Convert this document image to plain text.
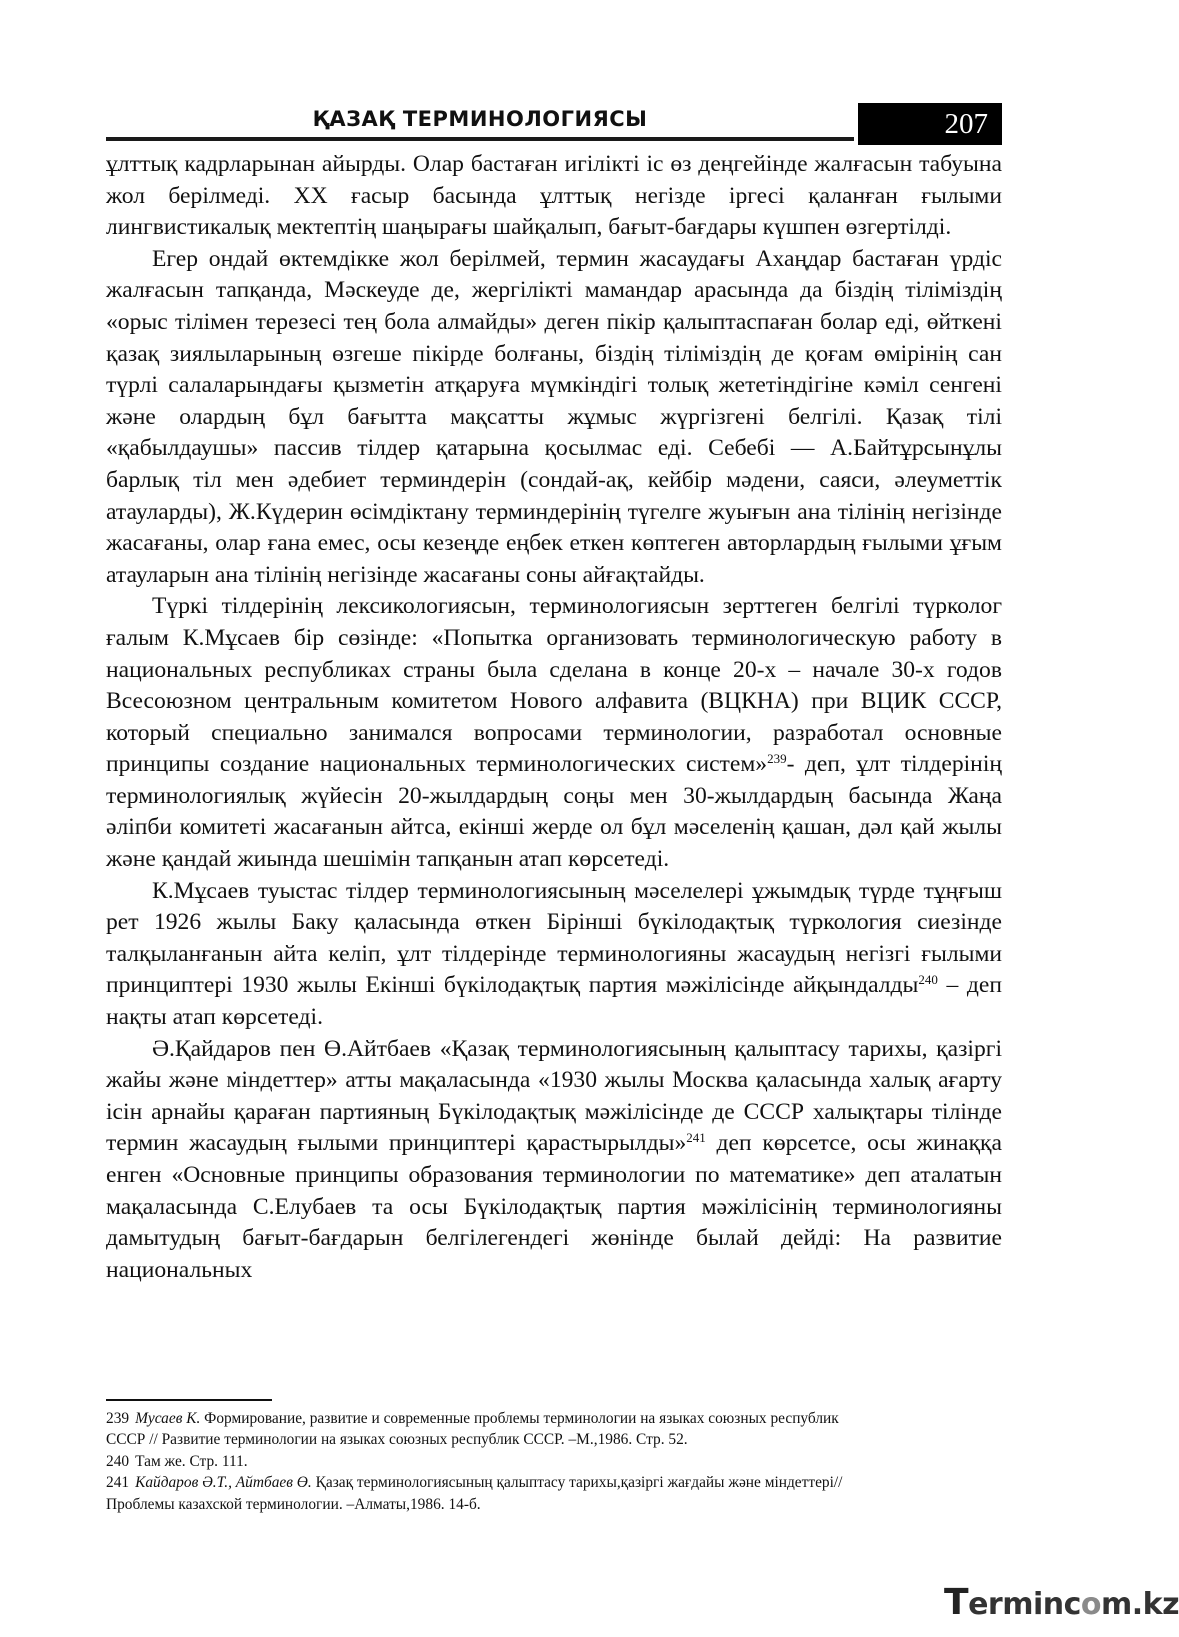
ҚАЗАҚ ТЕРМИНОЛОГИЯСЫ	207

ұлттық кадрларынан айырды. Олар бастаған игілікті іс өз деңгейінде жалғасын табуына жол берілмеді. XX ғасыр басында ұлттық негізде іргесі қаланған ғылыми лингвистикалық мектептің шаңырағы шайқалып, бағыт-бағдары күшпен өзгертілді.

Егер ондай өктемдікке жол берілмей, термин жасаудағы Ахаңдар бастаған үрдіс жалғасын тапқанда, Мәскеуде де, жергілікті мамандар арасында да біздің тіліміздің «орыс тілімен терезесі тең бола алмайды» деген пікір қалыптаспаған болар еді, өйткені қазақ зиялыларының өзгеше пікірде болғаны, біздің тіліміздің де қоғам өмірінің сан түрлі салаларындағы қызметін атқаруға мүмкіндігі толық жететіндігіне кәміл сенгені және олардың бұл бағытта мақсатты жұмыс жүргізгені белгілі. Қазақ тілі «қабылдаушы» пассив тілдер қатарына қосылмас еді. Себебі — А.Байтұрсынұлы барлық тіл мен әдебиет терминдерін (сондай-ақ, кейбір мәдени, саяси, әлеуметтік атауларды), Ж.Күдерин өсімдіктану терминдерінің түгелге жуығын ана тілінің негізінде жасағаны, олар ғана емес, осы кезеңде еңбек еткен көптеген авторлардың ғылыми ұғым атауларын ана тілінің негізінде жасағаны соны айғақтайды.

Түркі тілдерінің лексикологиясын, терминологиясын зерттеген белгілі түрколог ғалым К.Мұсаев бір сөзінде: «Попытка организовать терминологическую работу в национальных республиках страны была сделана в конце 20-х – начале 30-х годов Всесоюзном центральным комитетом Нового алфавита (ВЦКНА) при ВЦИК СССР, который специально занимался вопросами терминологии, разработал основные принципы создание национальных терминологических систем»$^{239}$- деп, ұлт тілдерінің терминологиялық жүйесін 20-жылдардың соңы мен 30-жылдардың басында Жаңа әліпби комитеті жасағанын айтса, екінші жерде ол бұл мәселенің қашан, дәл қай жылы және қандай жиында шешімін тапқанын атап көрсетеді.

К.Мұсаев туыстас тілдер терминологиясының мәселелері ұжымдық түрде тұңғыш рет 1926 жылы Баку қаласында өткен Бірінші бүкілодақтық түркология сиезінде талқыланғанын айта келіп, ұлт тілдерінде терминологияны жасаудың негізгі ғылыми принциптері 1930 жылы Екінші бүкілодақтық партия мәжілісінде айқындалды$^{240}$ – деп нақты атап көрсетеді.

Ә.Қайдаров пен Ө.Айтбаев «Қазақ терминологиясының қалыптасу тарихы, қазіргі жайы және міндеттер» атты мақаласында «1930 жылы Москва қаласында халық ағарту ісін арнайы қараған партияның Бүкілодақтық мәжілісінде де СССР халықтары тілінде термин жасаудың ғылыми принциптері қарастырылды»$^{241}$ деп көрсетсе, осы жинаққа енген «Основные принципы образования терминологии по математике» деп аталатын мақаласында С.Елубаев та осы Бүкілодақтық партия мәжілісінің терминологияны дамытудың бағыт-бағдарын белгілегендегі жөнінде былай дейді: На развитие национальных

239 Мусаев К. Формирование, развитие и современные проблемы терминологии на языках союзных республик
СССР // Развитие терминологии на языках союзных республик СССР. –М.,1986. Стр. 52.
240 Там же. Стр. 111.
241 Кайдаров Ә.Т., Айтбаев Ө. Қазақ терминологиясының қалыптасу тарихы,қазіргі жағдайы және міндеттері//
Проблемы казахской терминологии. –Алматы,1986. 14-б.
Termincom.kz
